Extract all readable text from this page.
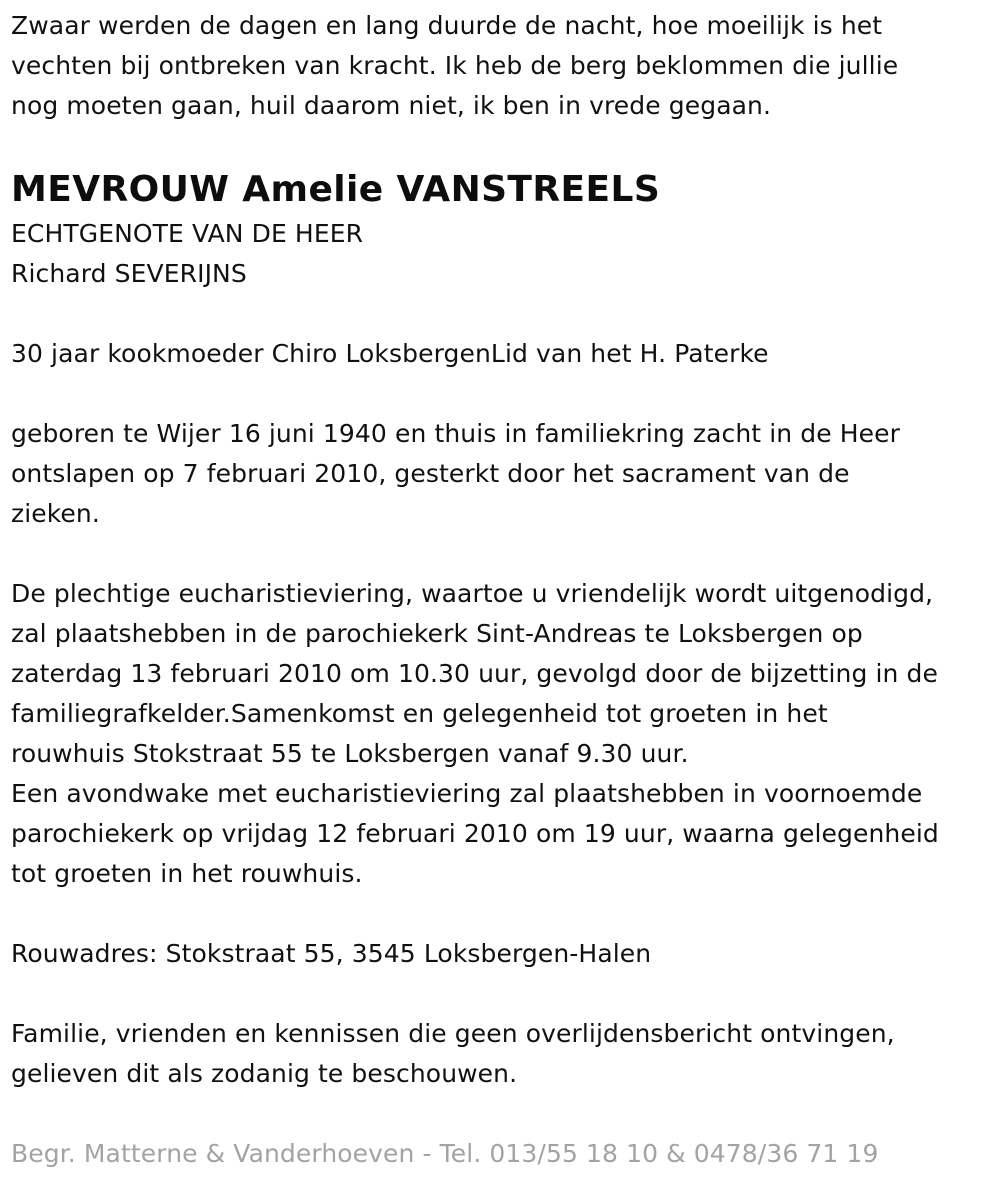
Zwaar werden de dagen en lang duurde de nacht, hoe moeilijk is het

vechten bij ontbreken van kracht. Ik heb de berg beklommen die jullie

nog moeten gaan, huil daarom niet, ik ben in vrede gegaan.

MEVROUW Amelie VANSTREELS

ECHTGENOTE VAN DE HEER

Richard SEVERIJNS

30 jaar kookmoeder Chiro LoksbergenLid van het H. Paterke

geboren te Wijer 16 juni 1940 en thuis in familiekring zacht in de Heer

ontslapen op 7 februari 2010, gesterkt door het sacrament van de

zieken.

De plechtige eucharistieviering, waartoe u vriendelijk wordt uitgenodigd,

zal plaatshebben in de parochiekerk Sint-Andreas te Loksbergen op

zaterdag 13 februari 2010 om 10.30 uur, gevolgd door de bijzetting in de

familiegrafkelder.Samenkomst en gelegenheid tot groeten in het

rouwhuis Stokstraat 55 te Loksbergen vanaf 9.30 uur.

Een avondwake met eucharistieviering zal plaatshebben in voornoemde

parochiekerk op vrijdag 12 februari 2010 om 19 uur, waarna gelegenheid

tot groeten in het rouwhuis.

Rouwadres: Stokstraat 55, 3545 Loksbergen-Halen

Familie, vrienden en kennissen die geen overlijdensbericht ontvingen,

gelieven dit als zodanig te beschouwen.

Begr. Matterne & Vanderhoeven - Tel. 013/55 18 10 & 0478/36 71 19
